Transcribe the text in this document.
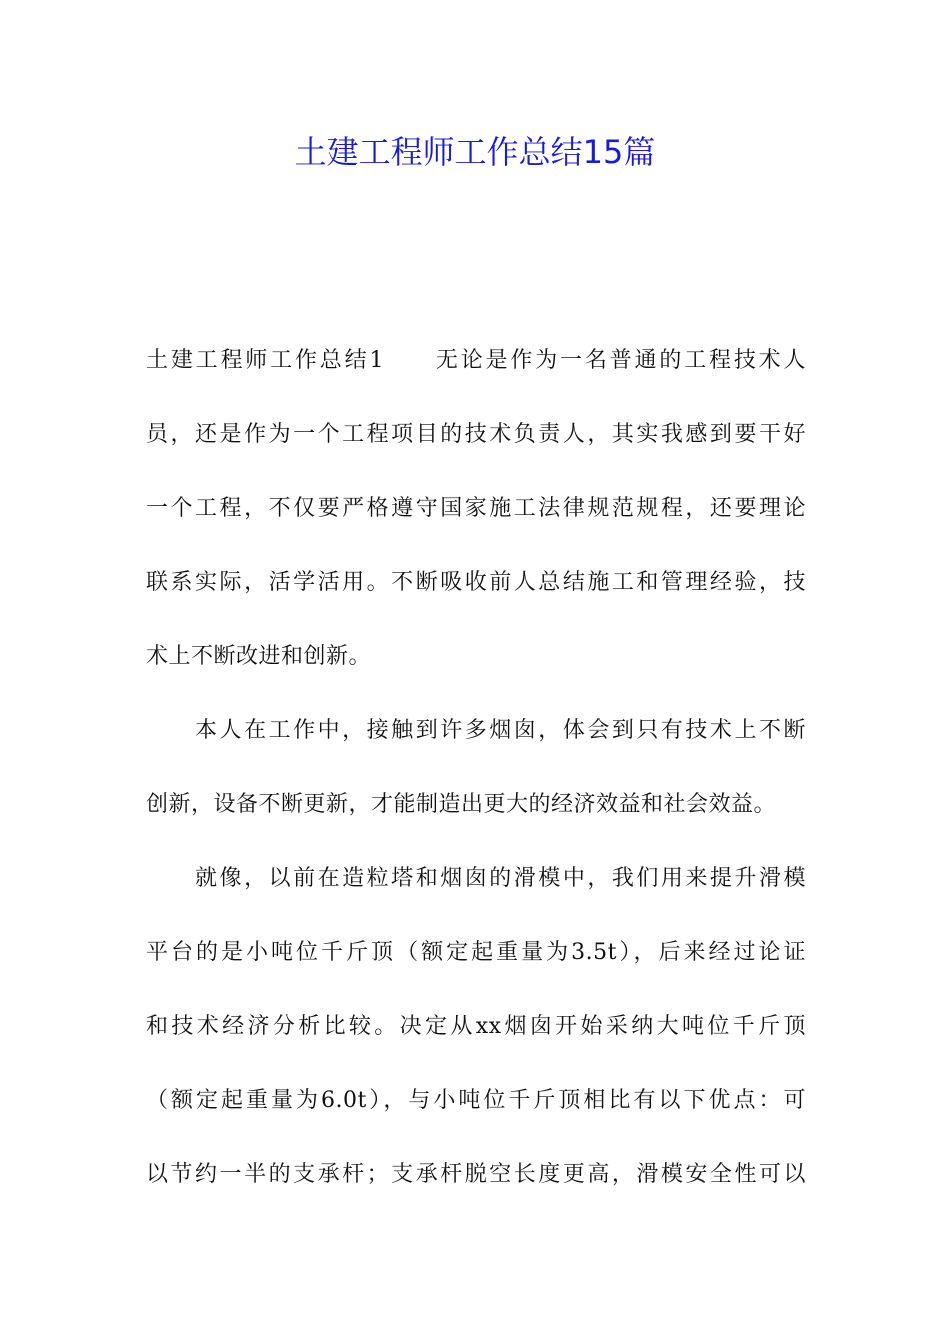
土建工程师工作总结15篇
土建工程师工作总结1　　无论是作为一名普通的工程技术人
员，还是作为一个工程项目的技术负责人，其实我感到要干好
一个工程，不仅要严格遵守国家施工法律规范规程，还要理论
联系实际，活学活用。不断吸收前人总结施工和管理经验，技
术上不断改进和创新。
　　本人在工作中，接触到许多烟囱，体会到只有技术上不断
创新，设备不断更新，才能制造出更大的经济效益和社会效益。
　　就像，以前在造粒塔和烟囱的滑模中，我们用来提升滑模
平台的是小吨位千斤顶（额定起重量为3.5t），后来经过论证
和技术经济分析比较。决定从xx烟囱开始采纳大吨位千斤顶
（额定起重量为6.0t），与小吨位千斤顶相比有以下优点：可
以节约一半的支承杆；支承杆脱空长度更高，滑模安全性可以
